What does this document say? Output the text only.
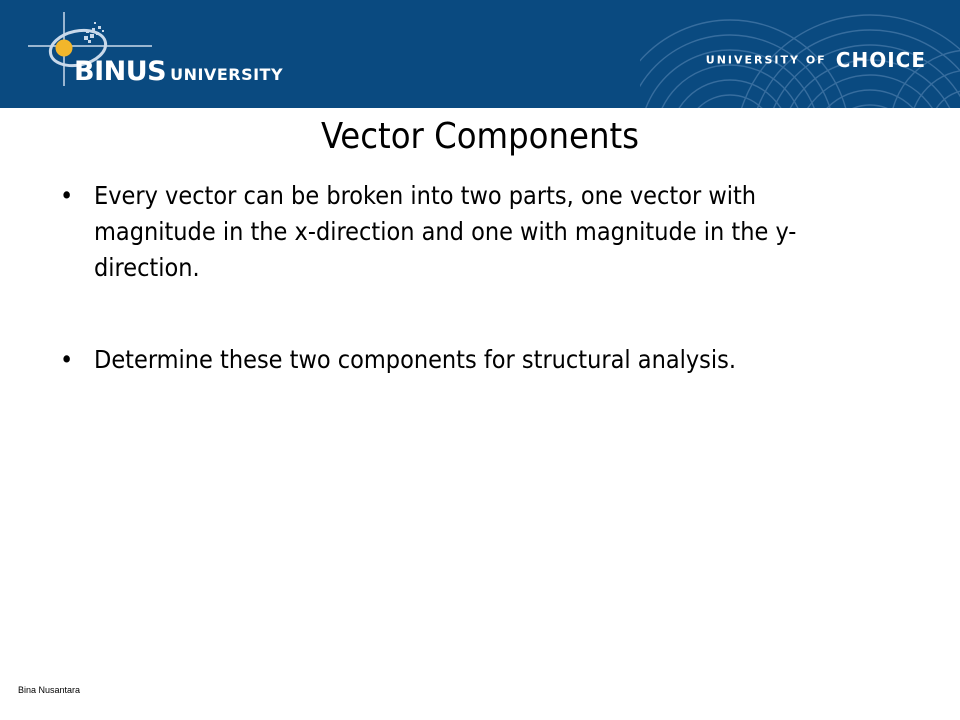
BINUS UNIVERSITY
UNIVERSITY OF CHOICE
Vector Components
• Every vector can be broken into two parts, one vector with magnitude in the x-direction and one with magnitude in the y-direction.
• Determine these two components for structural analysis.
Bina Nusantara
